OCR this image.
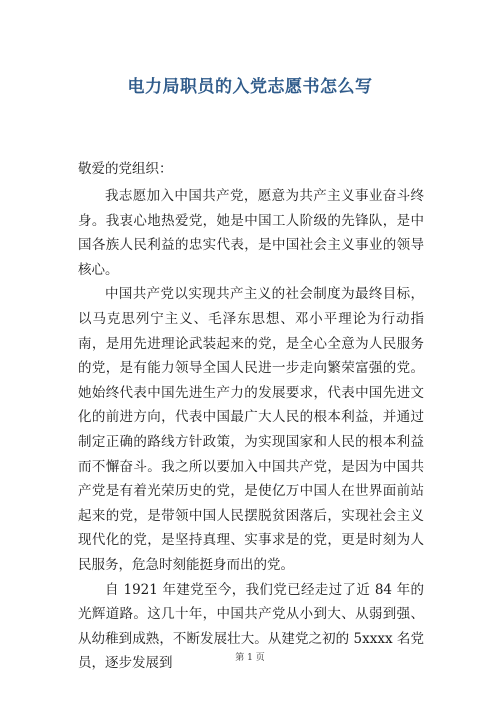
电力局职员的入党志愿书怎么写

敬爱的党组织：

我志愿加入中国共产党，愿意为共产主义事业奋斗终身。我衷心地热爱党，她是中国工人阶级的先锋队，是中国各族人民利益的忠实代表，是中国社会主义事业的领导核心。

中国共产党以实现共产主义的社会制度为最终目标，以马克思列宁主义、毛泽东思想、邓小平理论为行动指南，是用先进理论武装起来的党，是全心全意为人民服务的党，是有能力领导全国人民进一步走向繁荣富强的党。她始终代表中国先进生产力的发展要求，代表中国先进文化的前进方向，代表中国最广大人民的根本利益，并通过制定正确的路线方针政策，为实现国家和人民的根本利益而不懈奋斗。我之所以要加入中国共产党，是因为中国共产党是有着光荣历史的党，是使亿万中国人在世界面前站起来的党，是带领中国人民摆脱贫困落后，实现社会主义现代化的党，是坚持真理、实事求是的党，更是时刻为人民服务，危急时刻能挺身而出的党。

自 1921 年建党至今，我们党已经走过了近 84 年的光辉道路。这几十年，中国共产党从小到大、从弱到强、从幼稚到成熟，不断发展壮大。从建党之初的 5xxxx 名党员，逐步发展到	第 1 页
